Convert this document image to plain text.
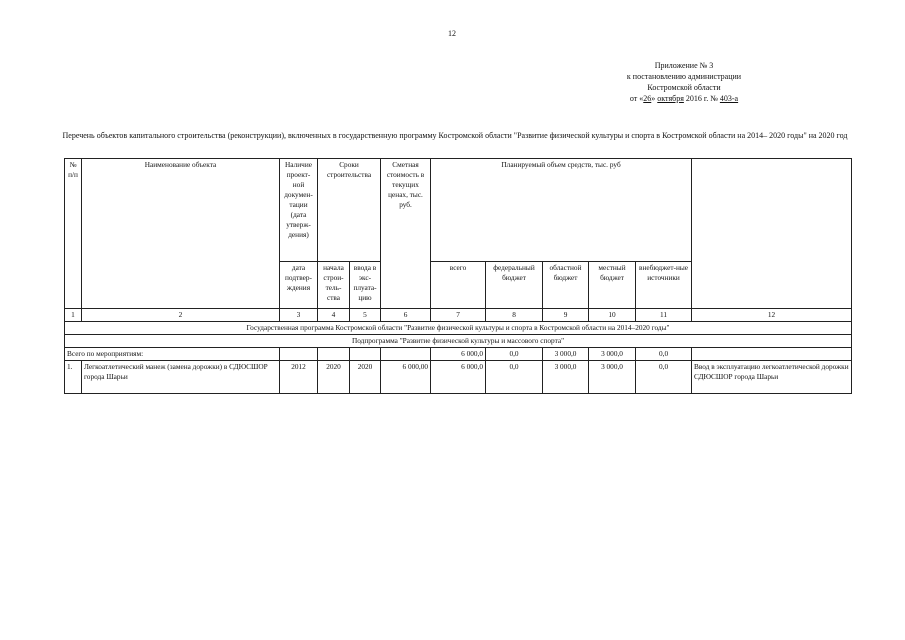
12
Приложение № 3
к постановлению администрации
Костромской области
от «26» октября 2016 г. № 403-а
Перечень объектов капитального строительства (реконструкции), включенных в государственную программу Костромской области "Развитие физической культуры и спорта в Костромской области на 2014– 2020 годы" на 2020 год
№ п/п	Наименование объекта	Наличие проект-ной докумен-тации (дата утверж-дения)	Сроки строительства		Сметная стоимость в текущих ценах, тыс. руб.	Планируемый объем средств, тыс. руб					
		дата подтвер-ждения	начала строи-тель-ства	ввода в экс-плуата-цию		всего	федеральный бюджет	областной бюджет	местный бюджет	внебюджет-ные источники	
1	2	3	4	5	6	7	8	9	10	11	12
Государственная программа Костромской области "Развитие физической культуры и спорта в Костромской области на 2014–2020 годы"											
Подпрограмма "Развитие физической культуры и массового спорта"											
Всего по мероприятиям:						6 000,0	0,0	3 000,0	3 000,0	0,0	
1.	Легкоатлетический манеж (замена дорожки) в СДЮСШОР города Шарьи	2012	2020	2020	6 000,00	6 000,0	0,0	3 000,0	3 000,0	0,0	Ввод в эксплуатацию легкоатлетической дорожки СДЮСШОР города Шарьи
